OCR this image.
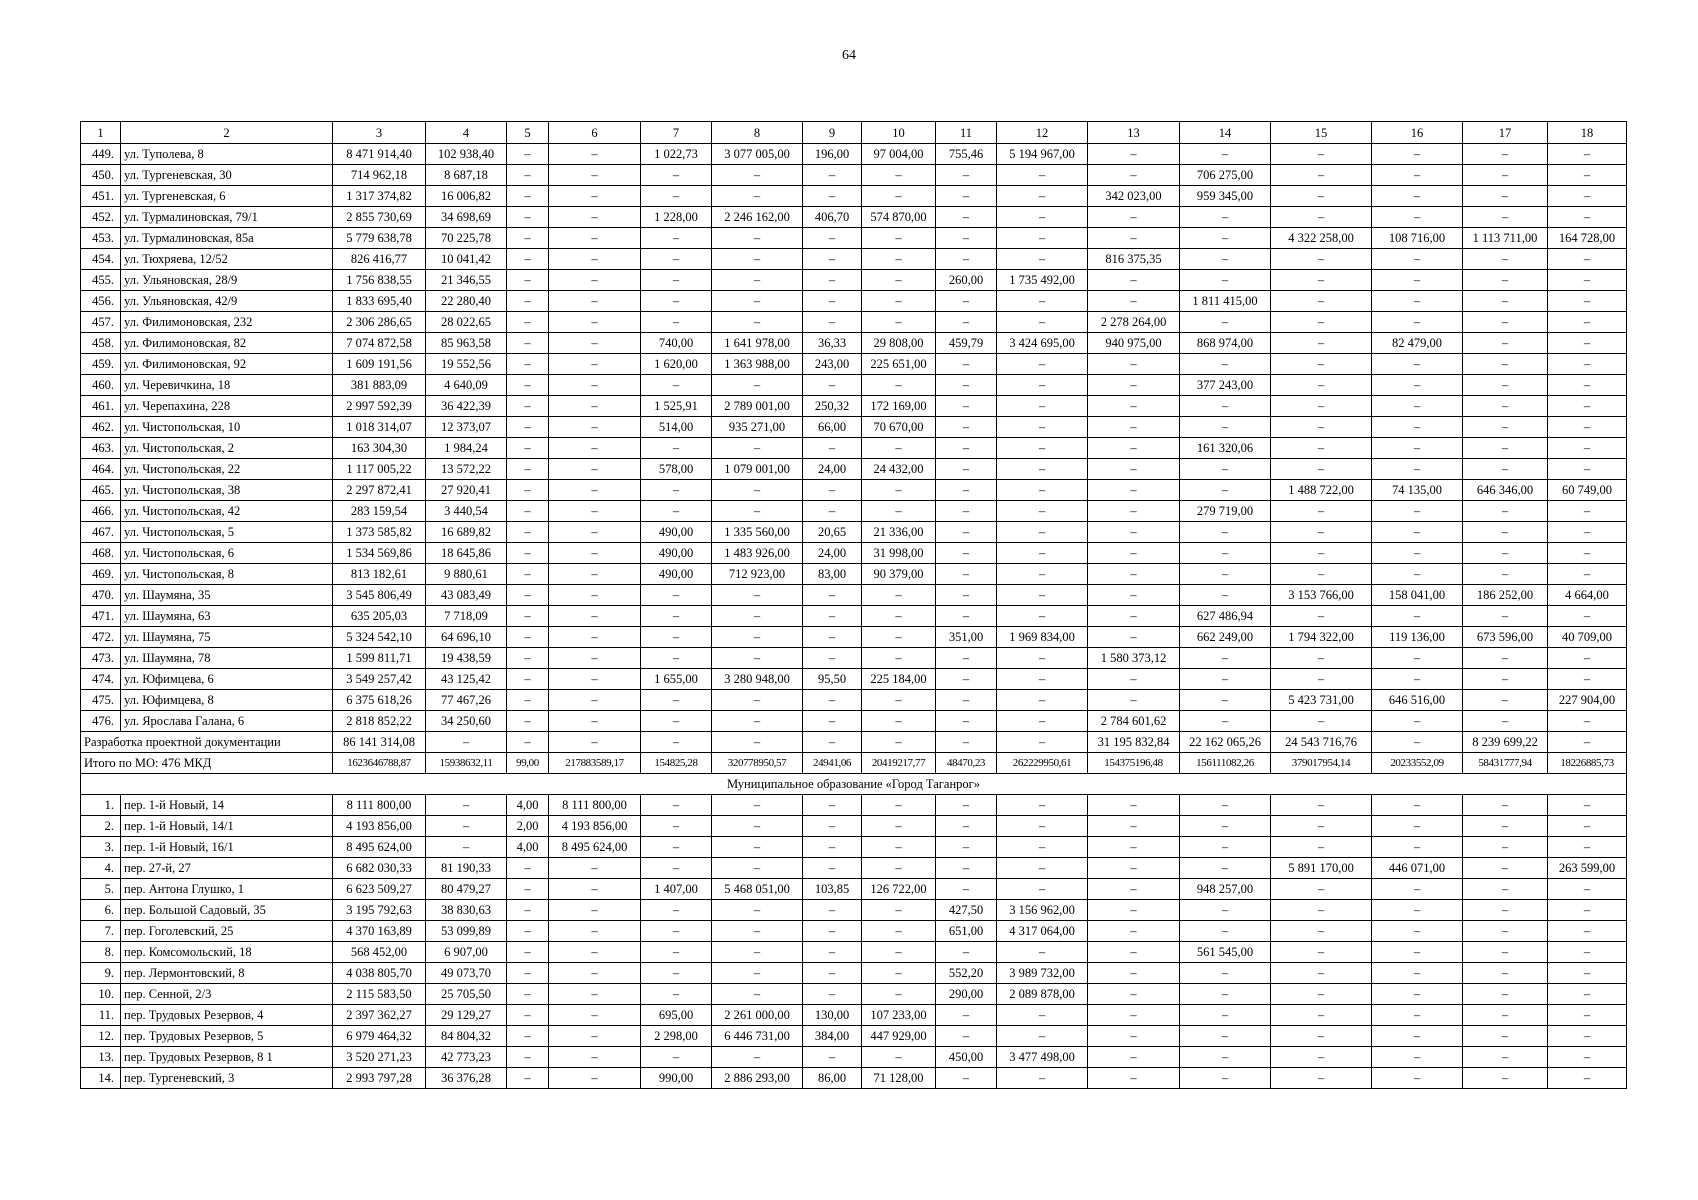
64
1	2	3	4	5	6	7	8	9	10	11	12	13	14	15	16	17	18
449.	ул. Туполева, 8	8 471 914,40	102 938,40	–	–	1 022,73	3 077 005,00	196,00	97 004,00	755,46	5 194 967,00	–	–	–	–	–	–
450.	ул. Тургеневская, 30	714 962,18	8 687,18	–	–	–	–	–	–	–	–	–	706 275,00	–	–	–	–
451.	ул. Тургеневская, 6	1 317 374,82	16 006,82	–	–	–	–	–	–	–	–	342 023,00	959 345,00	–	–	–	–
452.	ул. Турмалиновская, 79/1	2 855 730,69	34 698,69	–	–	1 228,00	2 246 162,00	406,70	574 870,00	–	–	–	–	–	–	–	–
453.	ул. Турмалиновская, 85а	5 779 638,78	70 225,78	–	–	–	–	–	–	–	–	–	–	4 322 258,00	108 716,00	1 113 711,00	164 728,00
454.	ул. Тюхряева, 12/52	826 416,77	10 041,42	–	–	–	–	–	–	–	–	816 375,35	–	–	–	–	–
455.	ул. Ульяновская, 28/9	1 756 838,55	21 346,55	–	–	–	–	–	–	260,00	1 735 492,00	–	–	–	–	–	–
456.	ул. Ульяновская, 42/9	1 833 695,40	22 280,40	–	–	–	–	–	–	–	–	–	1 811 415,00	–	–	–	–
457.	ул. Филимоновская, 232	2 306 286,65	28 022,65	–	–	–	–	–	–	–	–	2 278 264,00	–	–	–	–	–
458.	ул. Филимоновская, 82	7 074 872,58	85 963,58	–	–	740,00	1 641 978,00	36,33	29 808,00	459,79	3 424 695,00	940 975,00	868 974,00	–	82 479,00	–	–
459.	ул. Филимоновская, 92	1 609 191,56	19 552,56	–	–	1 620,00	1 363 988,00	243,00	225 651,00	–	–	–	–	–	–	–	–
460.	ул. Черевичкина, 18	381 883,09	4 640,09	–	–	–	–	–	–	–	–	–	377 243,00	–	–	–	–
461.	ул. Черепахина, 228	2 997 592,39	36 422,39	–	–	1 525,91	2 789 001,00	250,32	172 169,00	–	–	–	–	–	–	–	–
462.	ул. Чистопольская, 10	1 018 314,07	12 373,07	–	–	514,00	935 271,00	66,00	70 670,00	–	–	–	–	–	–	–	–
463.	ул. Чистопольская, 2	163 304,30	1 984,24	–	–	–	–	–	–	–	–	–	161 320,06	–	–	–	–
464.	ул. Чистопольская, 22	1 117 005,22	13 572,22	–	–	578,00	1 079 001,00	24,00	24 432,00	–	–	–	–	–	–	–	–
465.	ул. Чистопольская, 38	2 297 872,41	27 920,41	–	–	–	–	–	–	–	–	–	–	1 488 722,00	74 135,00	646 346,00	60 749,00
466.	ул. Чистопольская, 42	283 159,54	3 440,54	–	–	–	–	–	–	–	–	–	279 719,00	–	–	–	–
467.	ул. Чистопольская, 5	1 373 585,82	16 689,82	–	–	490,00	1 335 560,00	20,65	21 336,00	–	–	–	–	–	–	–	–
468.	ул. Чистопольская, 6	1 534 569,86	18 645,86	–	–	490,00	1 483 926,00	24,00	31 998,00	–	–	–	–	–	–	–	–
469.	ул. Чистопольская, 8	813 182,61	9 880,61	–	–	490,00	712 923,00	83,00	90 379,00	–	–	–	–	–	–	–	–
470.	ул. Шаумяна, 35	3 545 806,49	43 083,49	–	–	–	–	–	–	–	–	–	–	3 153 766,00	158 041,00	186 252,00	4 664,00
471.	ул. Шаумяна, 63	635 205,03	7 718,09	–	–	–	–	–	–	–	–	–	627 486,94	–	–	–	–
472.	ул. Шаумяна, 75	5 324 542,10	64 696,10	–	–	–	–	–	–	351,00	1 969 834,00	–	662 249,00	1 794 322,00	119 136,00	673 596,00	40 709,00
473.	ул. Шаумяна, 78	1 599 811,71	19 438,59	–	–	–	–	–	–	–	–	1 580 373,12	–	–	–	–	–
474.	ул. Юфимцева, 6	3 549 257,42	43 125,42	–	–	1 655,00	3 280 948,00	95,50	225 184,00	–	–	–	–	–	–	–	–
475.	ул. Юфимцева, 8	6 375 618,26	77 467,26	–	–	–	–	–	–	–	–	–	–	5 423 731,00	646 516,00	–	227 904,00
476.	ул. Ярослава Галана, 6	2 818 852,22	34 250,60	–	–	–	–	–	–	–	–	2 784 601,62	–	–	–	–	–
Разработка проектной документации		86 141 314,08	–	–	–	–	–	–	–	–	–	31 195 832,84	22 162 065,26	24 543 716,76	–	8 239 699,22	–
Итого по МО: 476 МКД		1623646788,87	15938632,11	99,00	217883589,17	154825,28	320778950,57	24941,06	20419217,77	48470,23	262229950,61	154375196,48	156111082,26	379017954,14	20233552,09	58431777,94	18226885,73
Муниципальное образование «Город Таганрог»																	
1.	пер. 1-й Новый, 14	8 111 800,00	–	4,00	8 111 800,00	–	–	–	–	–	–	–	–	–	–	–	–
2.	пер. 1-й Новый, 14/1	4 193 856,00	–	2,00	4 193 856,00	–	–	–	–	–	–	–	–	–	–	–	–
3.	пер. 1-й Новый, 16/1	8 495 624,00	–	4,00	8 495 624,00	–	–	–	–	–	–	–	–	–	–	–	–
4.	пер. 27-й, 27	6 682 030,33	81 190,33	–	–	–	–	–	–	–	–	–	–	5 891 170,00	446 071,00	–	263 599,00
5.	пер. Антона Глушко, 1	6 623 509,27	80 479,27	–	–	1 407,00	5 468 051,00	103,85	126 722,00	–	–	–	948 257,00	–	–	–	–
6.	пер. Большой Садовый, 35	3 195 792,63	38 830,63	–	–	–	–	–	–	427,50	3 156 962,00	–	–	–	–	–	–
7.	пер. Гоголевский, 25	4 370 163,89	53 099,89	–	–	–	–	–	–	651,00	4 317 064,00	–	–	–	–	–	–
8.	пер. Комсомольский, 18	568 452,00	6 907,00	–	–	–	–	–	–	–	–	–	561 545,00	–	–	–	–
9.	пер. Лермонтовский, 8	4 038 805,70	49 073,70	–	–	–	–	–	–	552,20	3 989 732,00	–	–	–	–	–	–
10.	пер. Сенной, 2/3	2 115 583,50	25 705,50	–	–	–	–	–	–	290,00	2 089 878,00	–	–	–	–	–	–
11.	пер. Трудовых Резервов, 4	2 397 362,27	29 129,27	–	–	695,00	2 261 000,00	130,00	107 233,00	–	–	–	–	–	–	–	–
12.	пер. Трудовых Резервов, 5	6 979 464,32	84 804,32	–	–	2 298,00	6 446 731,00	384,00	447 929,00	–	–	–	–	–	–	–	–
13.	пер. Трудовых Резервов, 8 1	3 520 271,23	42 773,23	–	–	–	–	–	–	450,00	3 477 498,00	–	–	–	–	–	–
14.	пер. Тургеневский, 3	2 993 797,28	36 376,28	–	–	990,00	2 886 293,00	86,00	71 128,00	–	–	–	–	–	–	–	–
